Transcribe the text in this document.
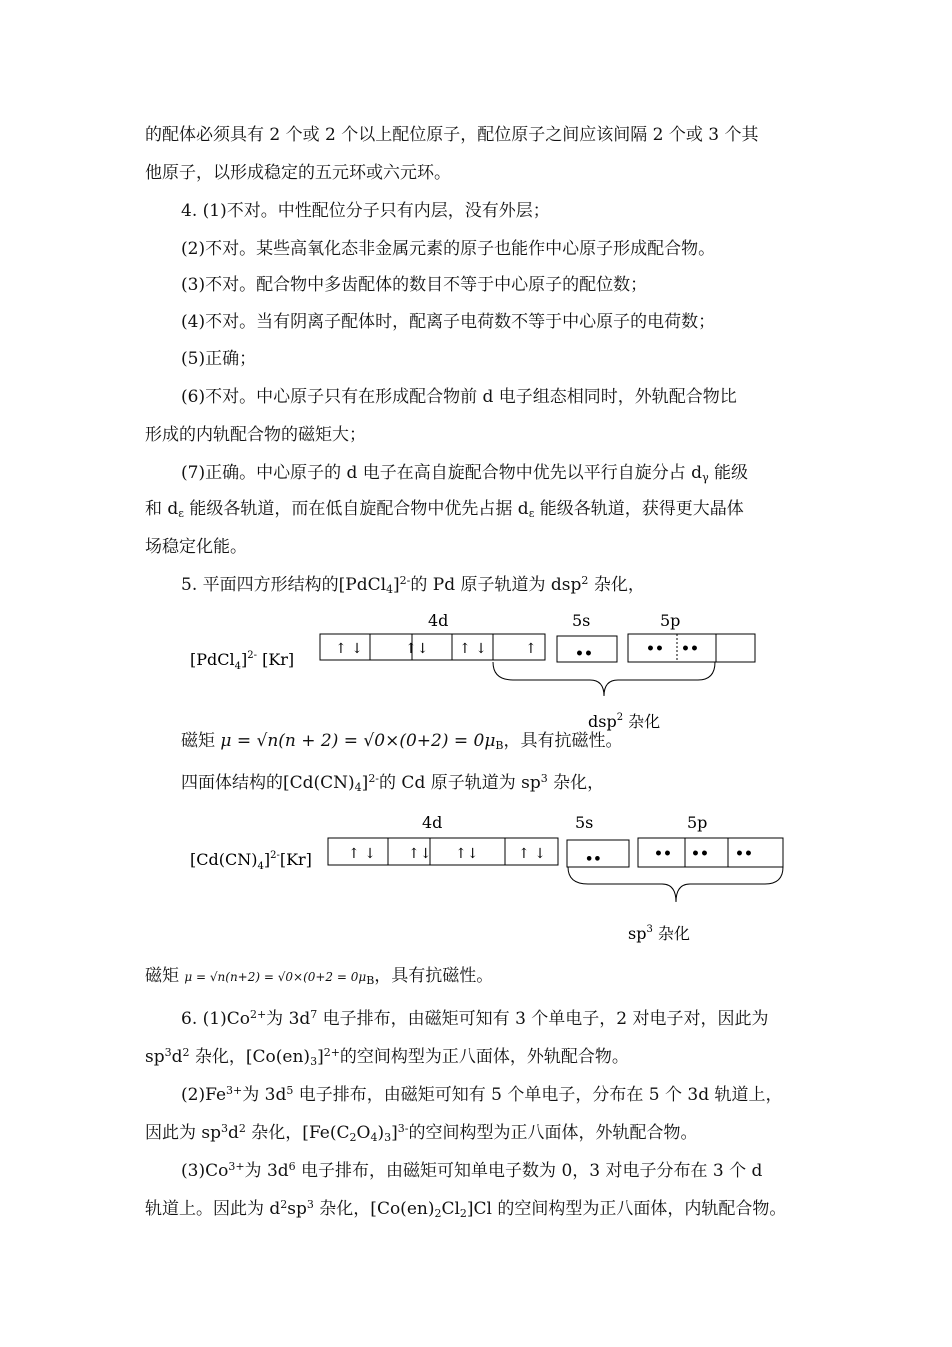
的配体必须具有 2 个或 2 个以上配位原子，配位原子之间应该间隔 2 个或 3 个其
他原子，以形成稳定的五元环或六元环。
4. (1)不对。中性配位分子只有内层，没有外层；
(2)不对。某些高氧化态非金属元素的原子也能作中心原子形成配合物。
(3)不对。配合物中多齿配体的数目不等于中心原子的配位数；
(4)不对。当有阴离子配体时，配离子电荷数不等于中心原子的电荷数；
(5)正确；
(6)不对。中心原子只有在形成配合物前 d 电子组态相同时，外轨配合物比
形成的内轨配合物的磁矩大；
(7)正确。中心原子的 d 电子在高自旋配合物中优先以平行自旋分占 $d_\gamma$ 能级
和 $d_\varepsilon$ 能级各轨道，而在低自旋配合物中优先占据 $d_\varepsilon$ 能级各轨道，获得更大晶体
场稳定化能。
5. 平面四方形结构的[PdCl$_4$]$^{2-}$的 Pd 原子轨道为 dsp$^2$ 杂化，
[PdCl$_4$]$^{2-}$ [Kr]
4d	5s	5p
↑ ↓	↑↓ ↑ ↓	↑	••	•• ••
dsp$^2$ 杂化
磁矩 $\mu = √n(n + 2) = √0\times(0+2) = 0\mu_B$，具有抗磁性。
四面体结构的$[Cd(CN)_4]^{2-}$的 Cd 原子轨道为 $sp^3$ 杂化，
$[Cd(CN)_4]^{2-}[Kr]$
4d	5s	5p
↑ ↓ ↑↓ ↑↓	↑ ↓	••	•• •• ••
$sp^3$ 杂化
磁矩 $\mu = √n(n+2) = √0\times(0+2 = 0\mu_B$，具有抗磁性。
6. $(1)Co^{2+}$为 $3d^7$ 电子排布，由磁矩可知有 3 个单电子，2 对电子对，因此为
$sp^3d^2$ 杂化，$[Co(en)_3]^{2+}$的空间构型为正八面体，外轨配合物。
$(2)Fe^{3+}$为 $3d^5$ 电子排布，由磁矩可知有 5 个单电子，分布在 5 个 3d 轨道上，
因此为 $sp^3d^2$ 杂化，$[Fe(C_2O_4)_3]^{3-}$的空间构型为正八面体，外轨配合物。
$(3)Co^{3+}$为 $3d^6$ 电子排布，由磁矩可知单电子数为 0，3 对电子分布在 3 个 d
轨道上。因此为 $d^2sp^3$ 杂化，$[Co(en)_2Cl_2]Cl$ 的空间构型为正八面体，内轨配合物。
